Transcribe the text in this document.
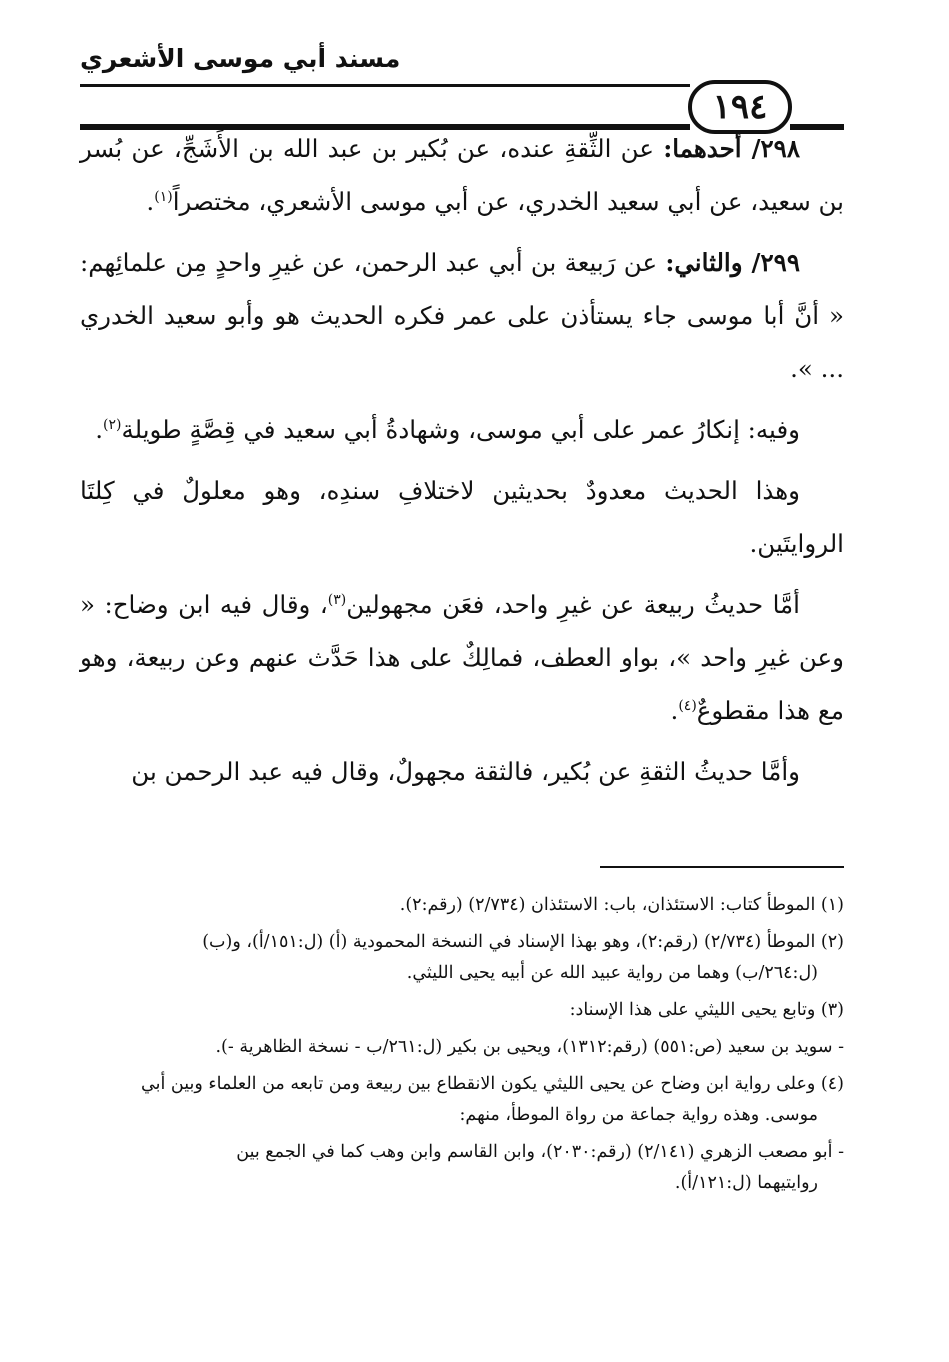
مسند أبي موسى الأشعري
١٩٤

٢٩٨/ أحدهما: عن الثِّقةِ عنده، عن بُكير بن عبد الله بن الأَشَجِّ، عن بُسر بن سعيد، عن أبي سعيد الخدري، عن أبي موسى الأشعري، مختصراً$^{(١)}$.

٢٩٩/ والثاني: عن رَبيعة بن أبي عبد الرحمن، عن غيرِ واحدٍ مِن علمائِهم: « أنَّ أبا موسى جاء يستأذن على عمر فكره الحديث هو وأبو سعيد الخدري ... ».

وفيه: إنكارُ عمر على أبي موسى، وشهادةُ أبي سعيد في قِصَّةٍ طويلة$^{(٢)}$.

وهذا الحديث معدودٌ بحديثين لاختلافِ سندِه، وهو معلولٌ في كِلتَا الروايتَين.

أمَّا حديثُ ربيعة عن غيرِ واحد، فعَن مجهولين$^{(٣)}$، وقال فيه ابن وضاح: « وعن غيرِ واحد »، بواو العطف، فمالِكٌ على هذا حَدَّث عنهم وعن ربيعة، وهو مع هذا مقطوعٌ$^{(٤)}$.

وأمَّا حديثُ الثقةِ عن بُكير، فالثقة مجهولٌ، وقال فيه عبد الرحمن بن

(١) الموطأ كتاب: الاستئذان، باب: الاستئذان (٢/٧٣٤) (رقم:٢).
(٢) الموطأ (٢/٧٣٤) (رقم:٢)، وهو بهذا الإسناد في النسخة المحمودية (أ) (ل:١٥١/أ)، و(ب)
(ل:٢٦٤/ب) وهما من رواية عبيد الله عن أبيه يحيى الليثي.
(٣) وتابع يحيى الليثي على هذا الإسناد:
- سويد بن سعيد (ص:٥٥١) (رقم:١٣١٢)، ويحيى بن بكير (ل:٢٦١/ب - نسخة الظاهرية -).
(٤) وعلى رواية ابن وضاح عن يحيى الليثي يكون الانقطاع بين ربيعة ومن تابعه من العلماء وبين أبي
موسى. وهذه رواية جماعة من رواة الموطأ، منهم:
- أبو مصعب الزهري (٢/١٤١) (رقم:٢٠٣٠)، وابن القاسم وابن وهب كما في الجمع بين
روايتيهما (ل:١٢١/أ).
